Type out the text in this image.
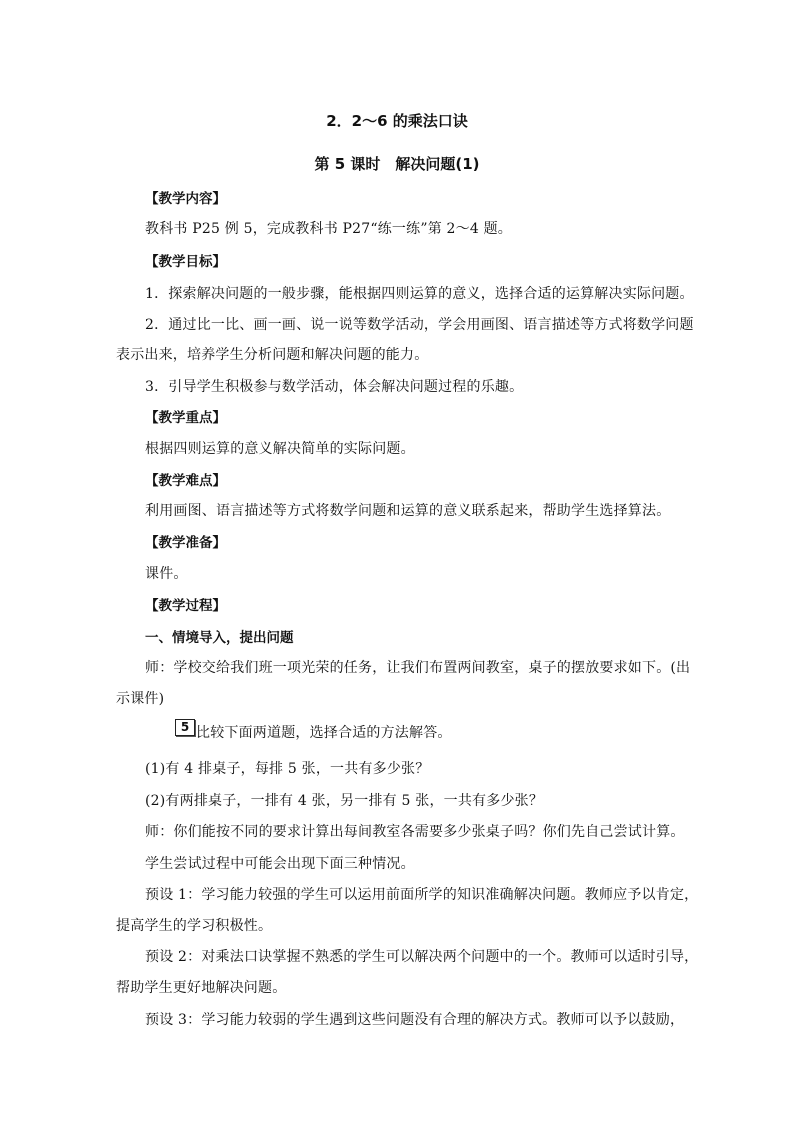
2．2～6 的乘法口诀
第 5 课时　解决问题(1)
【教学内容】
教科书 P25 例 5，完成教科书 P27“练一练”第 2～4 题。
【教学目标】
1．探索解决问题的一般步骤，能根据四则运算的意义，选择合适的运算解决实际问题。
2．通过比一比、画一画、说一说等数学活动，学会用画图、语言描述等方式将数学问题
表示出来，培养学生分析问题和解决问题的能力。
3．引导学生积极参与数学活动，体会解决问题过程的乐趣。
【教学重点】
根据四则运算的意义解决简单的实际问题。
【教学难点】
利用画图、语言描述等方式将数学问题和运算的意义联系起来，帮助学生选择算法。
【教学准备】
课件。
【教学过程】
一、情境导入，提出问题
师：学校交给我们班一项光荣的任务，让我们布置两间教室，桌子的摆放要求如下。(出
示课件)
5 比较下面两道题，选择合适的方法解答。
(1)有 4 排桌子，每排 5 张，一共有多少张？
(2)有两排桌子，一排有 4 张，另一排有 5 张，一共有多少张？
师：你们能按不同的要求计算出每间教室各需要多少张桌子吗？你们先自己尝试计算。
学生尝试过程中可能会出现下面三种情况。
预设 1：学习能力较强的学生可以运用前面所学的知识准确解决问题。教师应予以肯定，
提高学生的学习积极性。
预设 2：对乘法口诀掌握不熟悉的学生可以解决两个问题中的一个。教师可以适时引导，
帮助学生更好地解决问题。
预设 3：学习能力较弱的学生遇到这些问题没有合理的解决方式。教师可以予以鼓励，
